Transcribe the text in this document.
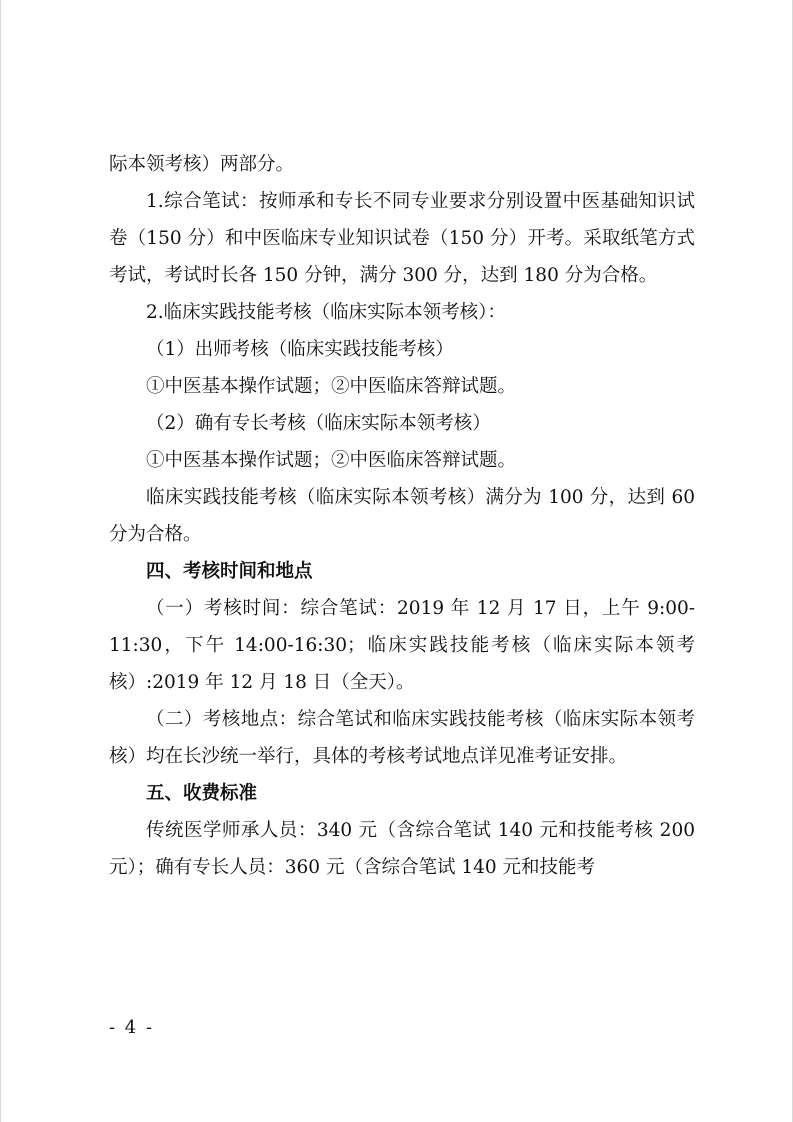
际本领考核）两部分。

1.综合笔试：按师承和专长不同专业要求分别设置中医基础知识试卷（150 分）和中医临床专业知识试卷（150 分）开考。采取纸笔方式考试，考试时长各 150 分钟，满分 300 分，达到 180 分为合格。

2.临床实践技能考核（临床实际本领考核）：

（1）出师考核（临床实践技能考核）

①中医基本操作试题；②中医临床答辩试题。

（2）确有专长考核（临床实际本领考核）

①中医基本操作试题；②中医临床答辩试题。

临床实践技能考核（临床实际本领考核）满分为 100 分，达到 60 分为合格。

四、考核时间和地点

（一）考核时间：综合笔试：2019 年 12 月 17 日，上午 9:00-11:30，下午 14:00-16:30；临床实践技能考核（临床实际本领考核）:2019 年 12 月 18 日（全天）。

（二）考核地点：综合笔试和临床实践技能考核（临床实际本领考核）均在长沙统一举行，具体的考核考试地点详见准考证安排。

五、收费标准

传统医学师承人员：340 元（含综合笔试 140 元和技能考核 200 元）；确有专长人员：360 元（含综合笔试 140 元和技能考

- 4 -
